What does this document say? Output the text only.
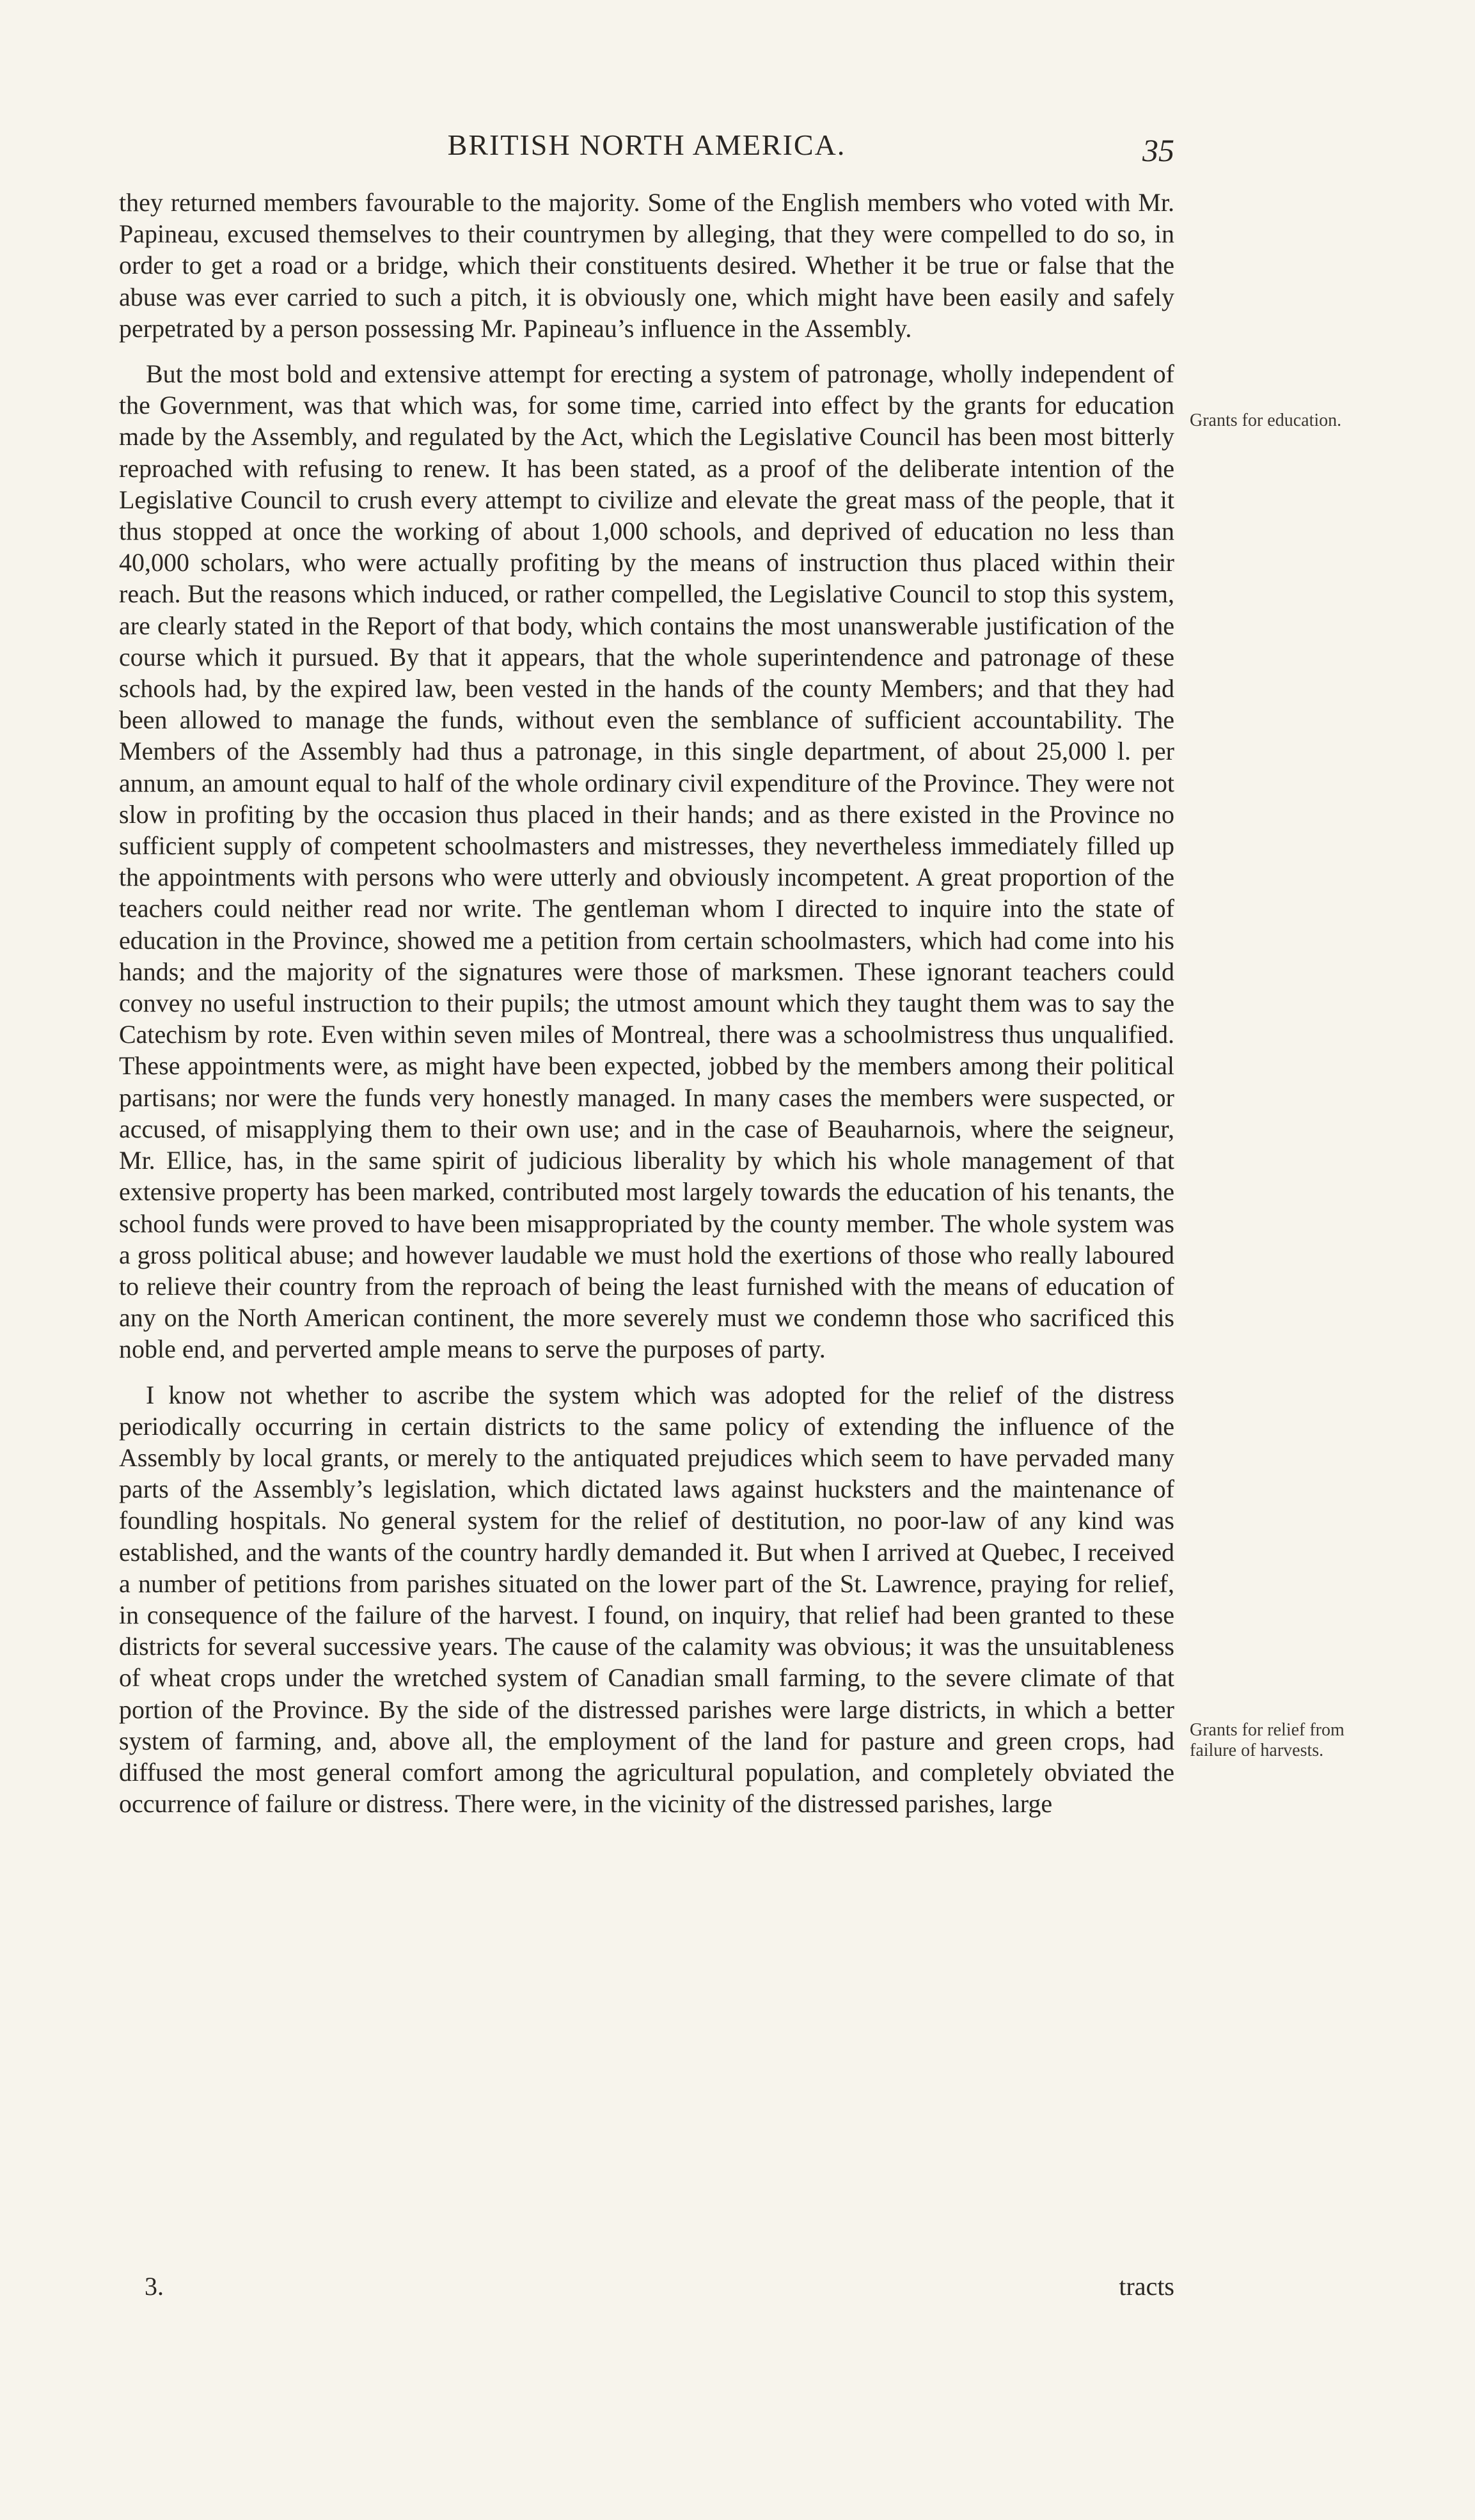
BRITISH NORTH AMERICA.	35

they returned members favourable to the majority. Some of the English members who voted with Mr. Papineau, excused themselves to their countrymen by alleging, that they were compelled to do so, in order to get a road or a bridge, which their constituents desired. Whether it be true or false that the abuse was ever carried to such a pitch, it is obviously one, which might have been easily and safely perpetrated by a person possessing Mr. Papineau’s influence in the Assembly.

But the most bold and extensive attempt for erecting a system of patronage, wholly independent of the Government, was that which was, for some time, carried into effect by the grants for education made by the Assembly, and regulated by the Act, which the Legislative Council has been most bitterly reproached with refusing to renew. It has been stated, as a proof of the deliberate intention of the Legislative Council to crush every attempt to civilize and elevate the great mass of the people, that it thus stopped at once the working of about 1,000 schools, and deprived of education no less than 40,000 scholars, who were actually profiting by the means of instruction thus placed within their reach. But the reasons which induced, or rather compelled, the Legislative Council to stop this system, are clearly stated in the Report of that body, which contains the most unanswerable justification of the course which it pursued. By that it appears, that the whole superintendence and patronage of these schools had, by the expired law, been vested in the hands of the county Members; and that they had been allowed to manage the funds, without even the semblance of sufficient accountability. The Members of the Assembly had thus a patronage, in this single department, of about 25,000 l. per annum, an amount equal to half of the whole ordinary civil expenditure of the Province. They were not slow in profiting by the occasion thus placed in their hands; and as there existed in the Province no sufficient supply of competent schoolmasters and mistresses, they nevertheless immediately filled up the appointments with persons who were utterly and obviously incompetent. A great proportion of the teachers could neither read nor write. The gentleman whom I directed to inquire into the state of education in the Province, showed me a petition from certain schoolmasters, which had come into his hands; and the majority of the signatures were those of marksmen. These ignorant teachers could convey no useful instruction to their pupils; the utmost amount which they taught them was to say the Catechism by rote. Even within seven miles of Montreal, there was a schoolmistress thus unqualified. These appointments were, as might have been expected, jobbed by the members among their political partisans; nor were the funds very honestly managed. In many cases the members were suspected, or accused, of misapplying them to their own use; and in the case of Beauharnois, where the seigneur, Mr. Ellice, has, in the same spirit of judicious liberality by which his whole management of that extensive property has been marked, contributed most largely towards the education of his tenants, the school funds were proved to have been misappropriated by the county member. The whole system was a gross political abuse; and however laudable we must hold the exertions of those who really laboured to relieve their country from the reproach of being the least furnished with the means of education of any on the North American continent, the more severely must we condemn those who sacrificed this noble end, and perverted ample means to serve the purposes of party.

I know not whether to ascribe the system which was adopted for the relief of the distress periodically occurring in certain districts to the same policy of extending the influence of the Assembly by local grants, or merely to the antiquated prejudices which seem to have pervaded many parts of the Assembly’s legislation, which dictated laws against hucksters and the maintenance of foundling hospitals. No general system for the relief of destitution, no poor-law of any kind was established, and the wants of the country hardly demanded it. But when I arrived at Quebec, I received a number of petitions from parishes situated on the lower part of the St. Lawrence, praying for relief, in consequence of the failure of the harvest. I found, on inquiry, that relief had been granted to these districts for several successive years. The cause of the calamity was obvious; it was the unsuitableness of wheat crops under the wretched system of Canadian small farming, to the severe climate of that portion of the Province. By the side of the distressed parishes were large districts, in which a better system of farming, and, above all, the employment of the land for pasture and green crops, had diffused the most general comfort among the agricultural population, and completely obviated the occurrence of failure or distress. There were, in the vicinity of the distressed parishes, large

Grants for education.
Grants for relief from failure of harvests.
3.	tracts
